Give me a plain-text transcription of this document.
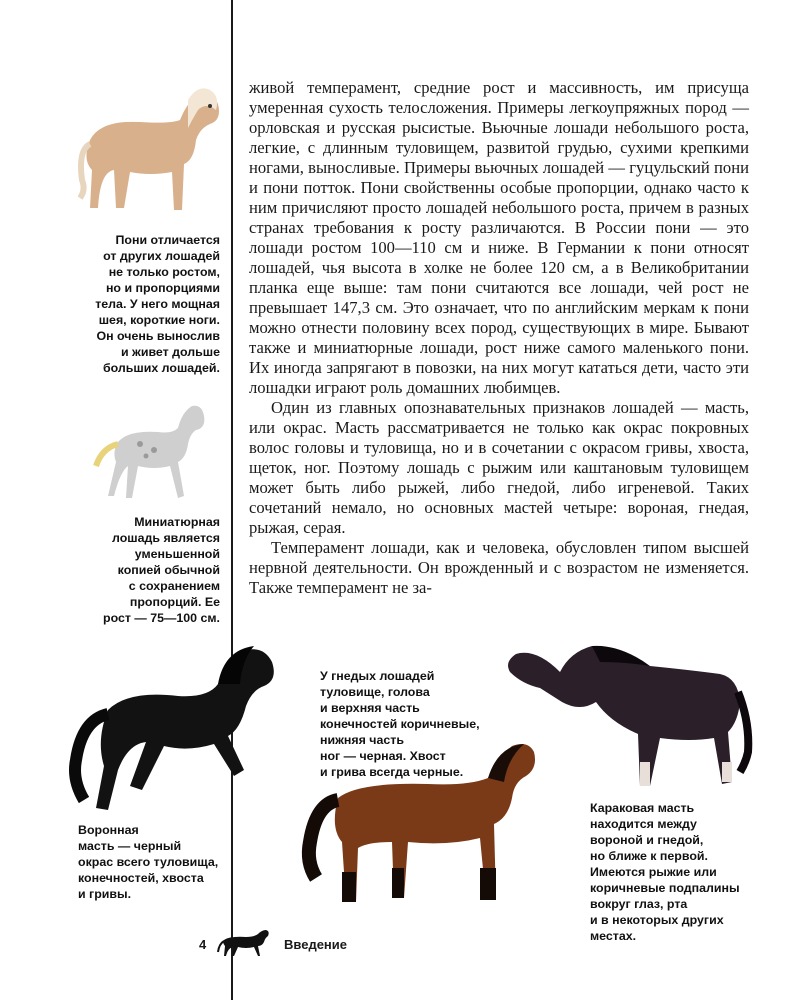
Пони отличается
от других лошадей
не только ростом,
но и пропорциями
тела. У него мощная
шея, короткие ноги.
Он очень вынослив
и живет дольше
больших лошадей.
Миниатюрная
лошадь является
уменьшенной
копией обычной
с сохранением
пропорций. Ее
рост — 75—100 см.

живой темперамент, средние рост и массивность, им присуща умеренная сухость телосложения. Примеры легкоупряжных пород — орловская и русская рысистые. Вьючные лошади небольшого роста, легкие, с длинным туловищем, развитой грудью, сухими крепкими ногами, выносливые. Примеры вьючных лошадей — гуцульский пони и пони потток. Пони свойственны особые пропорции, однако часто к ним причисляют просто лошадей небольшого роста, причем в разных странах требования к росту различаются. В России пони — это лошади ростом 100—110 см и ниже. В Германии к пони относят лошадей, чья высота в холке не более 120 см, а в Великобритании планка еще выше: там пони считаются все лошади, чей рост не превышает 147,3 см. Это означает, что по английским меркам к пони можно отнести половину всех пород, существующих в мире. Бывают также и миниатюрные лошади, рост ниже самого маленького пони. Их иногда запрягают в повозки, на них могут кататься дети, часто эти лошадки играют роль домашних любимцев.

Один из главных опознавательных признаков лошадей — масть, или окрас. Масть рассматривается не только как окрас покровных волос головы и туловища, но и в сочетании с окрасом гривы, хвоста, щеток, ног. Поэтому лошадь с рыжим или каштановым туловищем может быть либо рыжей, либо гнедой, либо игреневой. Таких сочетаний немало, но основных мастей четыре: вороная, гнедая, рыжая, серая.

Темперамент лошади, как и человека, обусловлен типом высшей нервной деятельности. Он врожденный и с возрастом не изменяется. Также темперамент не за-

Воронная
масть — черный
окрас всего туловища,
конечностей, хвоста
и гривы.
У гнедых лошадей
туловище, голова
и верхняя часть
конечностей коричневые,
нижняя часть
ног — черная. Хвост
и грива всегда черные.
Караковая масть
находится между
вороной и гнедой,
но ближе к первой.
Имеются рыжие или
коричневые подпалины
вокруг глаз, рта
и в некоторых других
местах.
4	Введение
